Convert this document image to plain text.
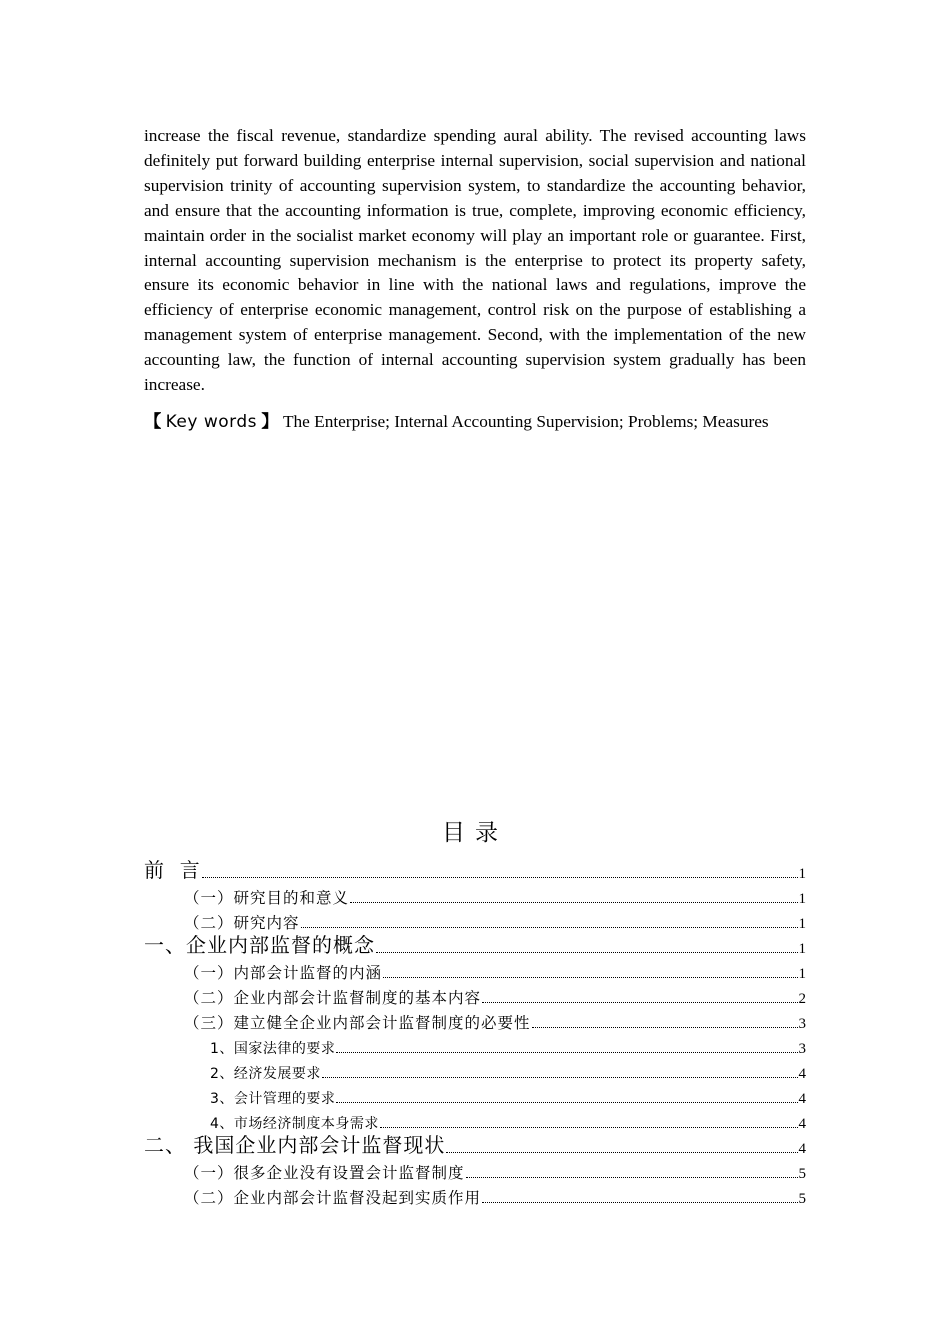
increase the fiscal revenue, standardize spending aural ability. The revised accounting laws definitely put forward building enterprise internal supervision, social supervision and national supervision trinity of accounting supervision system, to standardize the accounting behavior, and ensure that the accounting information is true, complete, improving economic efficiency, maintain order in the socialist market economy will play an important role or guarantee. First, internal accounting supervision mechanism is the enterprise to protect its property safety, ensure its economic behavior in line with the national laws and regulations, improve the efficiency of enterprise economic management, control risk on the purpose of establishing a management system of enterprise management. Second, with the implementation of the new accounting law, the function of internal accounting supervision system gradually has been increase.

【 Key words 】 The Enterprise; Internal Accounting Supervision; Problems; Measures

目录
前  言	1
（一）研究目的和意义	1
（二）研究内容	1
一、企业内部监督的概念	1
（一）内部会计监督的内涵	1
（二）企业内部会计监督制度的基本内容	2
（三）建立健全企业内部会计监督制度的必要性	3
1、国家法律的要求	3
2、经济发展要求	4
3、会计管理的要求	4
4、市场经济制度本身需求	4
二、 我国企业内部会计监督现状	4
（一）很多企业没有设置会计监督制度	5
（二）企业内部会计监督没起到实质作用	5
